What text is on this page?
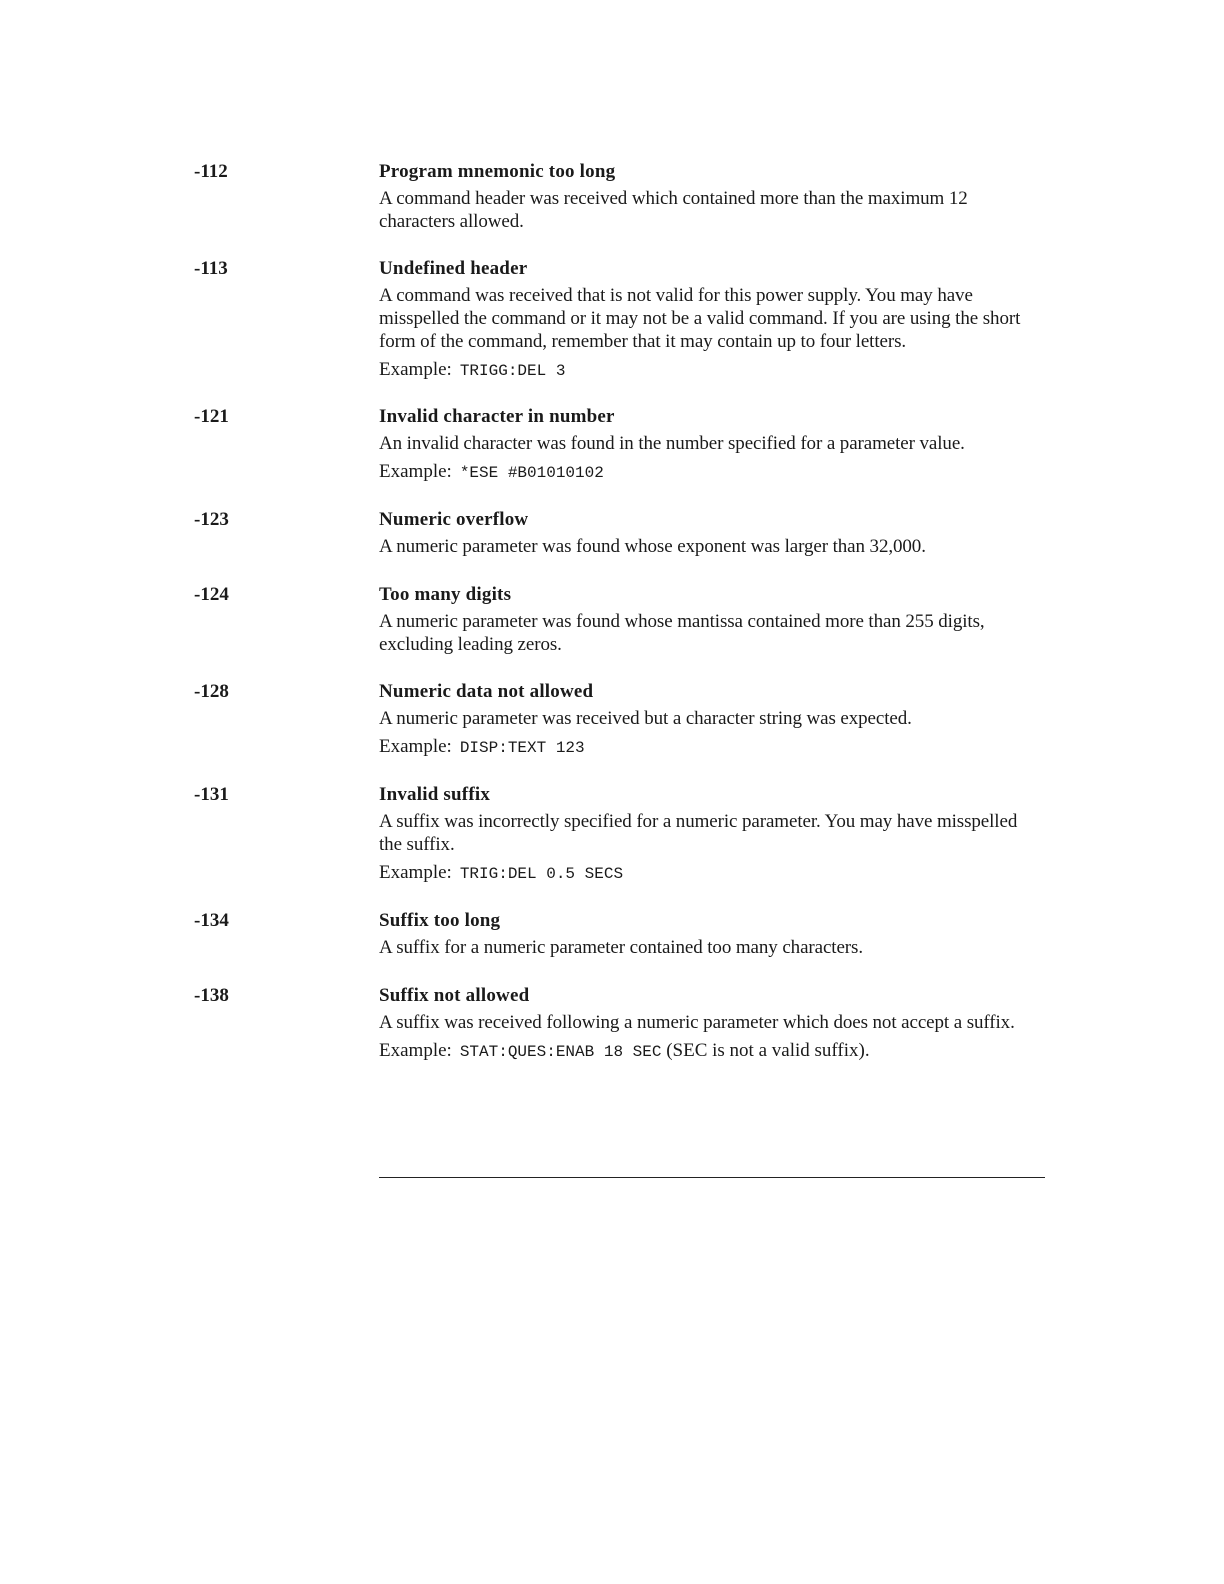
-112	Program mnemonic too long
A command header was received which contained more than the maximum 12 characters allowed.
-113	Undefined header
A command was received that is not valid for this power supply. You may have misspelled the command or it may not be a valid command. If you are using the short form of the command, remember that it may contain up to four letters.
Example: TRIGG:DEL 3
-121	Invalid character in number
An invalid character was found in the number specified for a parameter value.
Example: *ESE #B01010102
-123	Numeric overflow
A numeric parameter was found whose exponent was larger than 32,000.
-124	Too many digits
A numeric parameter was found whose mantissa contained more than 255 digits, excluding leading zeros.
-128	Numeric data not allowed
A numeric parameter was received but a character string was expected.
Example: DISP:TEXT 123
-131	Invalid suffix
A suffix was incorrectly specified for a numeric parameter. You may have misspelled the suffix.
Example: TRIG:DEL 0.5 SECS
-134	Suffix too long
A suffix for a numeric parameter contained too many characters.
-138	Suffix not allowed
A suffix was received following a numeric parameter which does not accept a suffix.
Example: STAT:QUES:ENAB 18 SEC (SEC is not a valid suffix).
